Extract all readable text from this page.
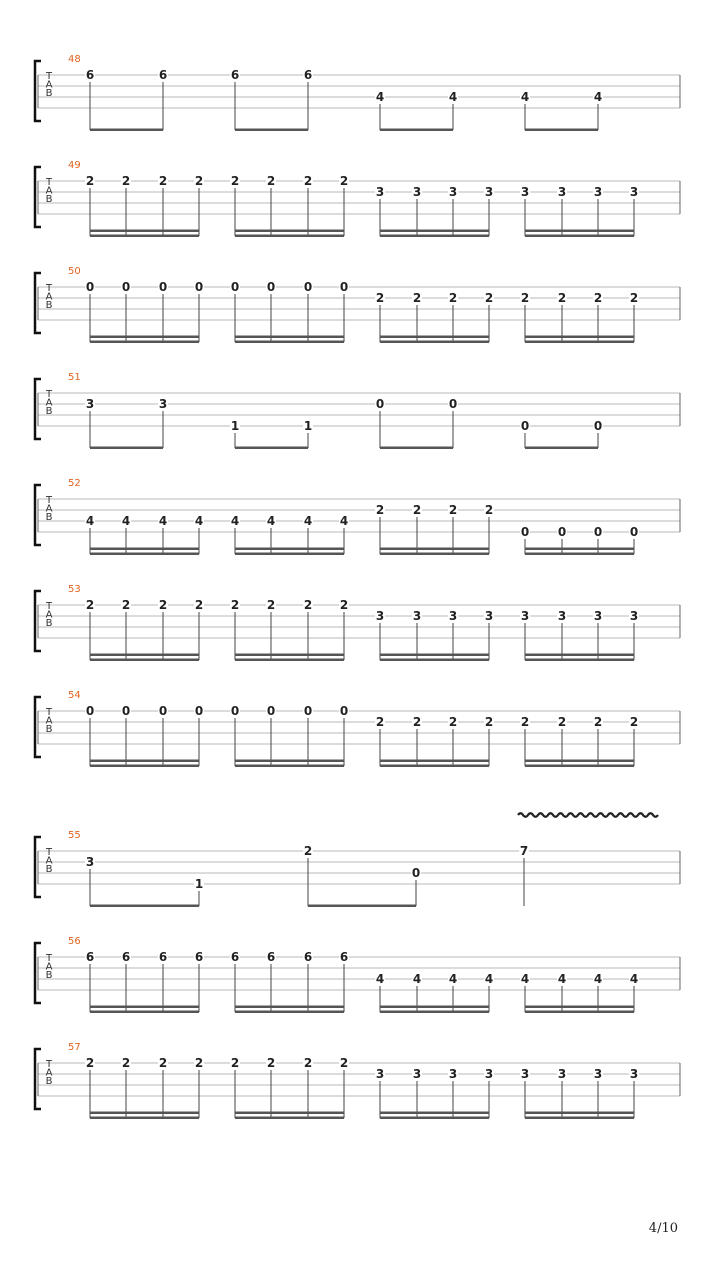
T
A
B
48
6	6	6	6
4	4	4	4
T
A
B
49
2 2 2 2 2 2 2 2
3 3 3 3 3 3 3 3
T
A
B
50
0 0 0 0 0 0 0 0
2 2 2 2 2 2 2 2
T
A
B
51
3	3
1	1
0	0
0	0
T
A
B
52
4 4 4 4 4 4 4 4
2 2 2 2
0 0 0 0
T
A
B
53
2 2 2 2 2 2 2 2
3 3 3 3 3 3 3 3
T
A
B
54
0 0 0 0 0 0 0 0
2 2 2 2 2 2 2 2
T
A
B
55
3
1
2
0
7
T
A
B
56
6 6 6 6 6 6 6 6
4 4 4 4 4 4 4 4
T
A
B
57
2 2 2 2 2 2 2 2
3 3 3 3 3 3 3 3
4/10
